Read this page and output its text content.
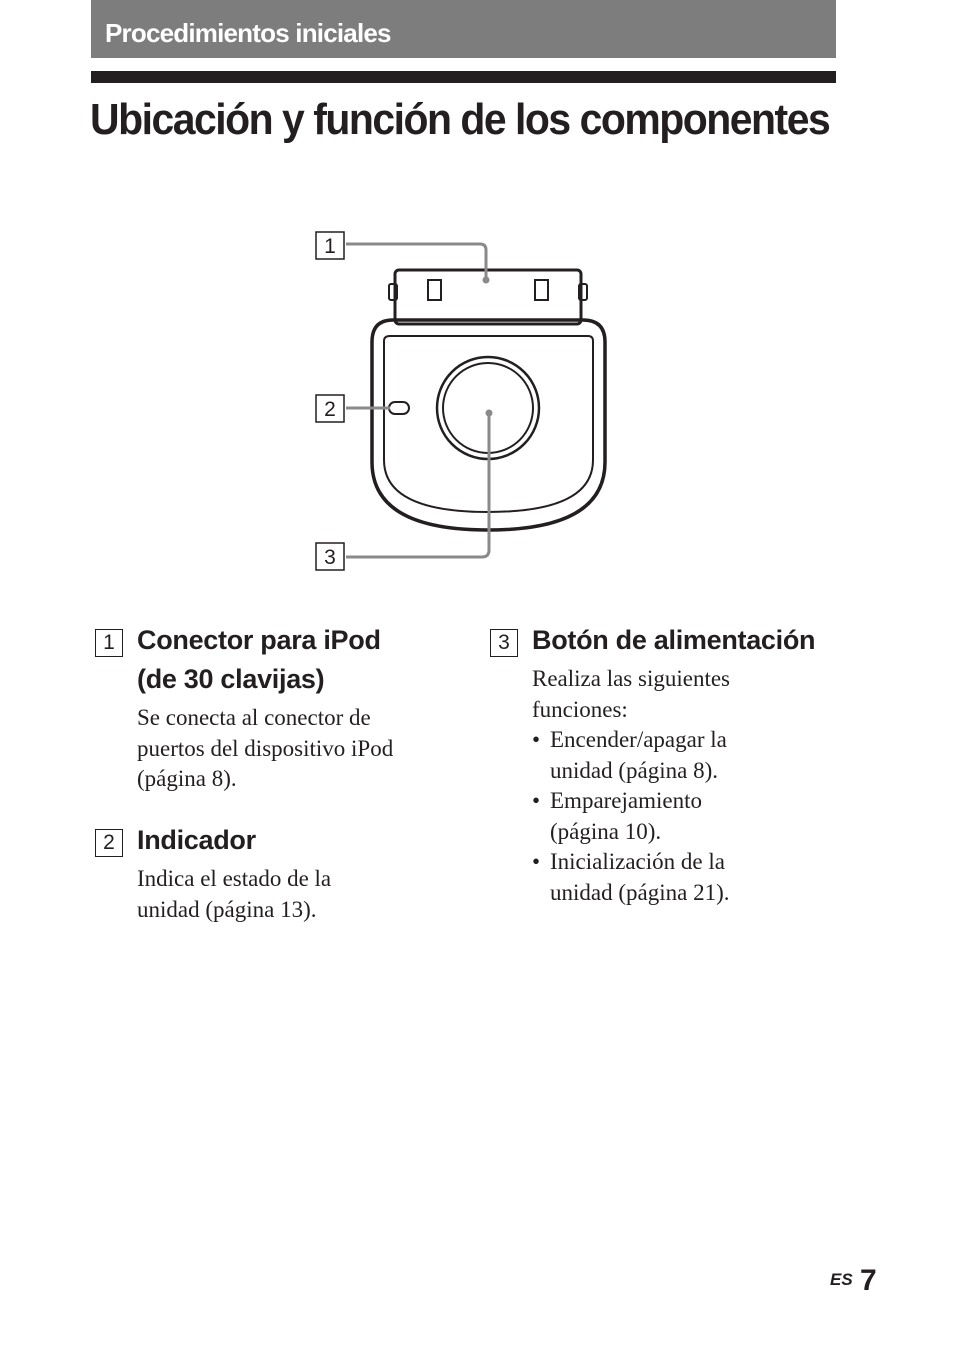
Procedimientos iniciales
Ubicación y función de los componentes
1
2
3
1 Conector para iPod
(de 30 clavijas)
Se conecta al conector de
puertos del dispositivo iPod
(página 8).
2 Indicador
Indica el estado de la
unidad (página 13).
3 Botón de alimentación
Realiza las siguientes
funciones:
• Encender/apagar la
unidad (página 8).
• Emparejamiento
(página 10).
• Inicialización de la
unidad (página 21).
ES 7
